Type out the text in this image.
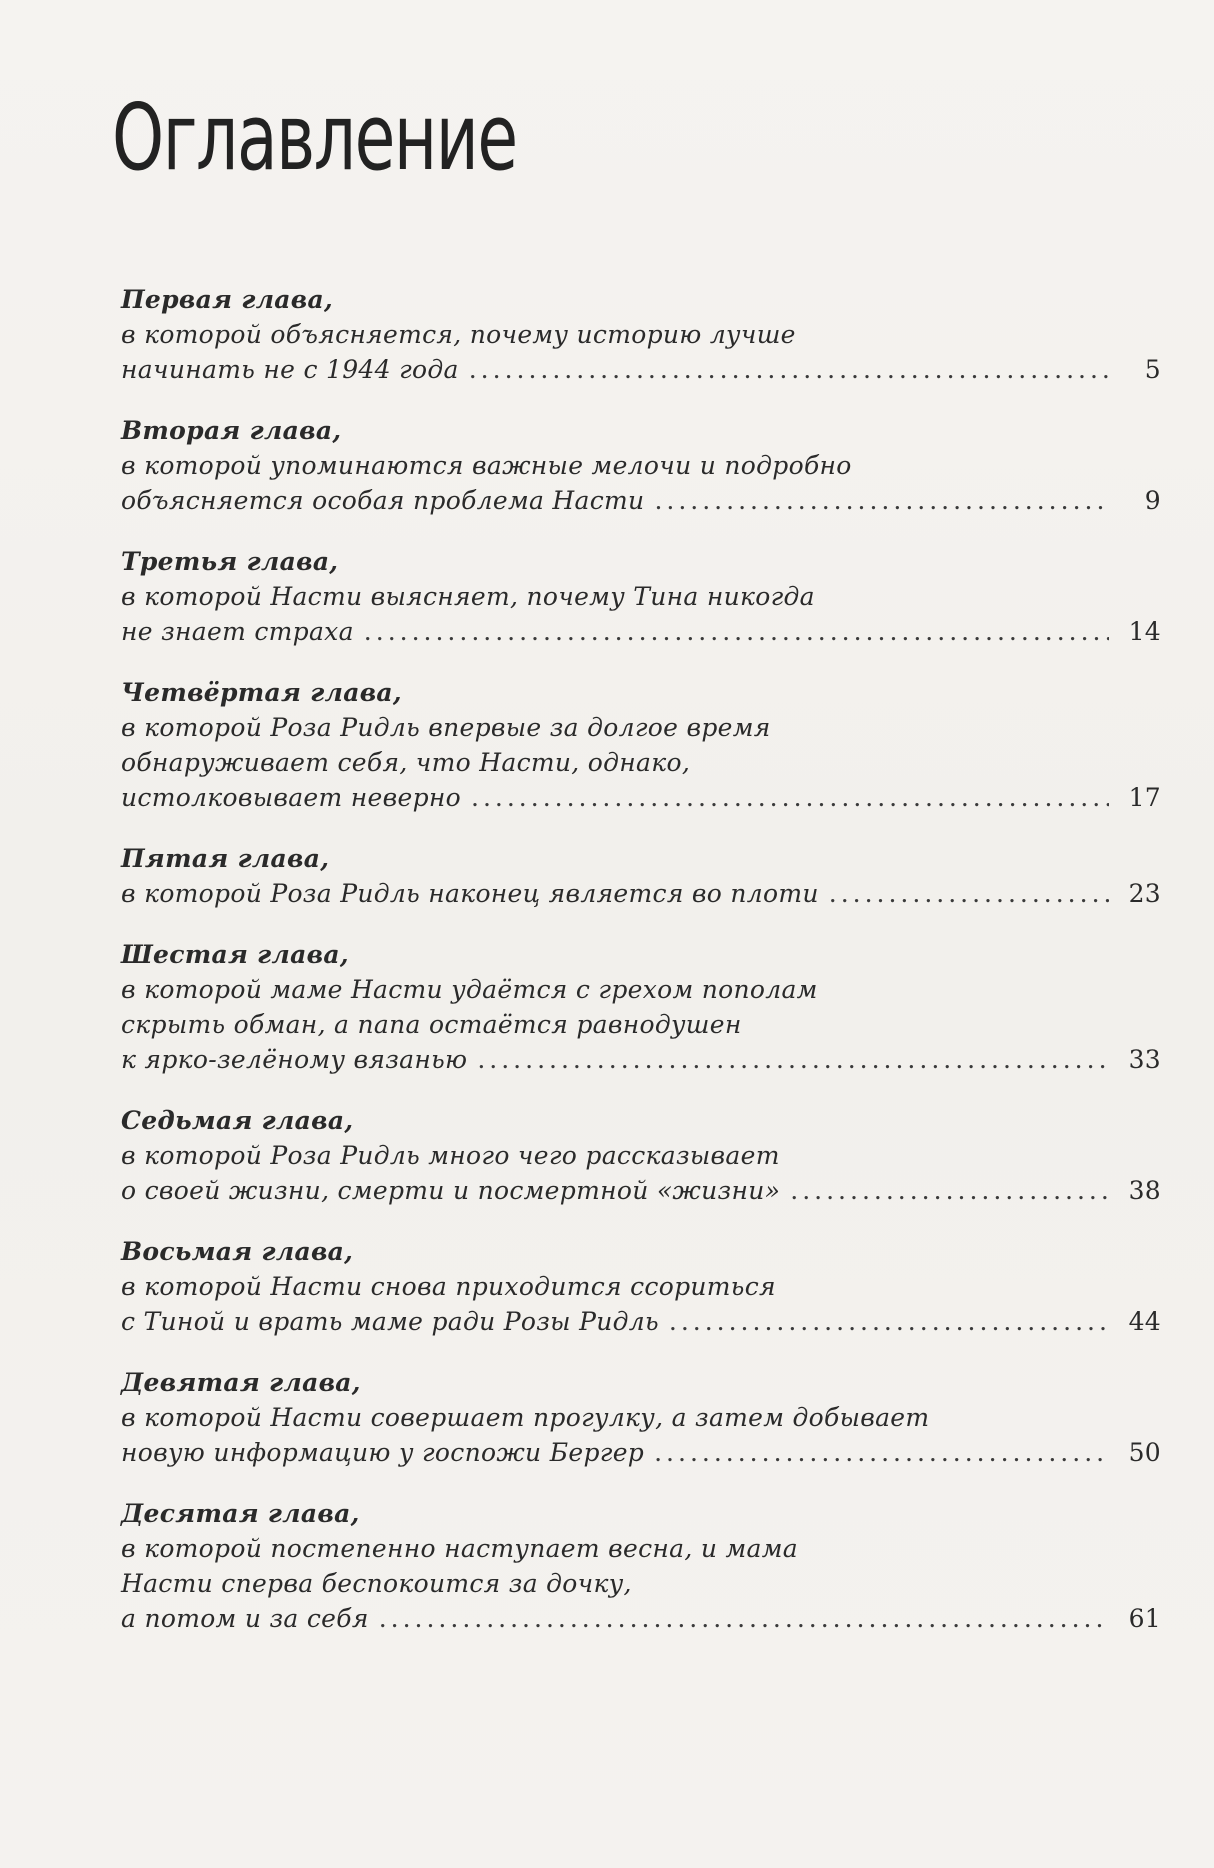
Оглавление
Первая глава,
в которой объясняется, почему историю лучше
начинать не с 1944 года .....	5
Вторая глава,
в которой упоминаются важные мелочи и подробно
объясняется особая проблема Насти .....	9
Третья глава,
в которой Насти выясняет, почему Тина никогда
не знает страха .....	14
Четвёртая глава,
в которой Роза Ридль впервые за долгое время
обнаруживает себя, что Насти, однако,
истолковывает неверно .....	17
Пятая глава,
в которой Роза Ридль наконец является во плоти .....	23
Шестая глава,
в которой маме Насти удаётся с грехом пополам
скрыть обман, а папа остаётся равнодушен
к ярко-зелёному вязанью .....	33
Седьмая глава,
в которой Роза Ридль много чего рассказывает
о своей жизни, смерти и посмертной «жизни» .....	38
Восьмая глава,
в которой Насти снова приходится ссориться
с Тиной и врать маме ради Розы Ридль .....	44
Девятая глава,
в которой Насти совершает прогулку, а затем добывает
новую информацию у госпожи Бергер .....	50
Десятая глава,
в которой постепенно наступает весна, и мама
Насти сперва беспокоится за дочку,
а потом и за себя .....	61
